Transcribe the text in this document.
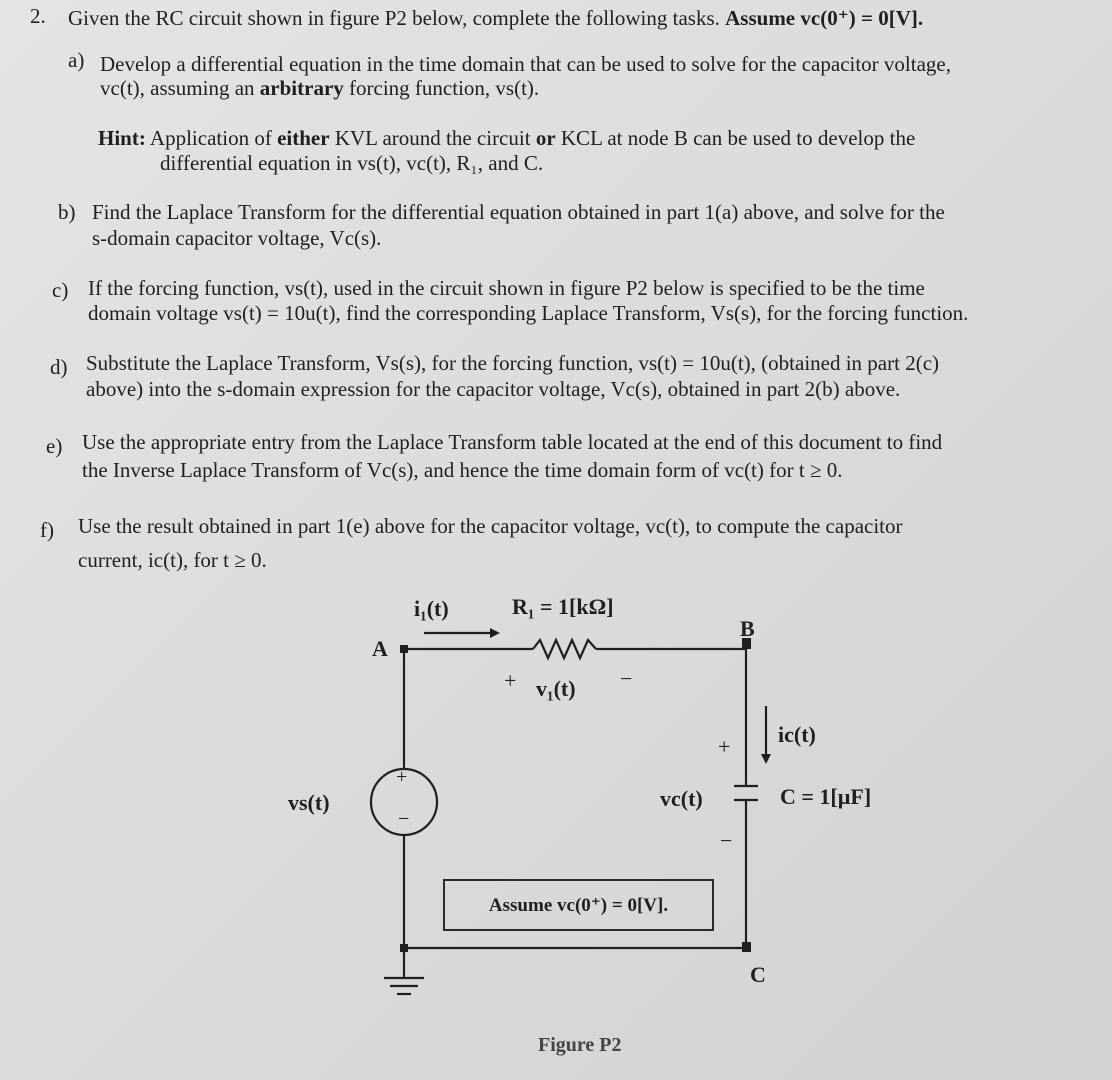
2. Given the RC circuit shown in figure P2 below, complete the following tasks. Assume vc(0⁺) = 0[V].
a) Develop a differential equation in the time domain that can be used to solve for the capacitor voltage,
vc(t), assuming an arbitrary forcing function, vs(t).
Hint: Application of either KVL around the circuit or KCL at node B can be used to develop the
differential equation in vs(t), vc(t), R₁, and C.
b) Find the Laplace Transform for the differential equation obtained in part 1(a) above, and solve for the
s-domain capacitor voltage, Vc(s).
c) If the forcing function, vs(t), used in the circuit shown in figure P2 below is specified to be the time
domain voltage vs(t) = 10u(t), find the corresponding Laplace Transform, Vs(s), for the forcing function.
d) Substitute the Laplace Transform, Vs(s), for the forcing function, vs(t) = 10u(t), (obtained in part 2(c)
above) into the s-domain expression for the capacitor voltage, Vc(s), obtained in part 2(b) above.
e) Use the appropriate entry from the Laplace Transform table located at the end of this document to find
the Inverse Laplace Transform of Vc(s), and hence the time domain form of vc(t) for t ≥ 0.
f) Use the result obtained in part 1(e) above for the capacitor voltage, vc(t), to compute the capacitor
current, ic(t), for t ≥ 0.
i₁(t)	R₁ = 1[kΩ]
A
B
+ v₁(t) −
+
−
vs(t)
+
−
vc(t)
ic(t)
C = 1[µF]
C
Assume vc(0⁺) = 0[V].
Figure P2
